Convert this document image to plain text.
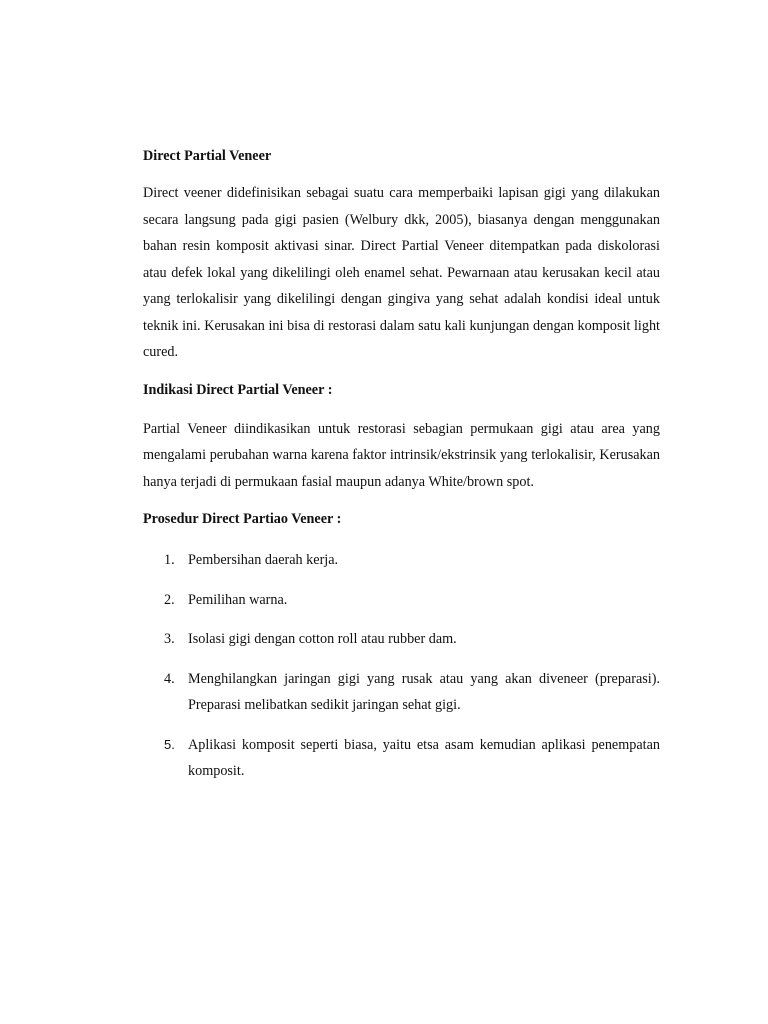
Direct Partial Veneer

Direct veener didefinisikan sebagai suatu cara memperbaiki lapisan gigi yang dilakukan secara langsung pada gigi pasien (Welbury dkk, 2005), biasanya dengan menggunakan bahan resin komposit aktivasi sinar. Direct Partial Veneer ditempatkan pada diskolorasi atau defek lokal yang dikelilingi oleh enamel sehat. Pewarnaan atau kerusakan kecil atau yang terlokalisir yang dikelilingi dengan gingiva yang sehat adalah kondisi ideal untuk teknik ini. Kerusakan ini bisa di restorasi dalam satu kali kunjungan dengan komposit light cured.

Indikasi Direct Partial Veneer :

Partial Veneer diindikasikan untuk restorasi sebagian permukaan gigi atau area yang mengalami perubahan warna karena faktor intrinsik/ekstrinsik yang terlokalisir, Kerusakan hanya terjadi di permukaan fasial maupun adanya White/brown spot.

Prosedur Direct Partiao Veneer :
1. Pembersihan daerah kerja.
2. Pemilihan warna.
3. Isolasi gigi dengan cotton roll atau rubber dam.
4. Menghilangkan jaringan gigi yang rusak atau yang akan diveneer (preparasi). Preparasi melibatkan sedikit jaringan sehat gigi.
5. Aplikasi komposit seperti biasa, yaitu etsa asam kemudian aplikasi penempatan komposit.
